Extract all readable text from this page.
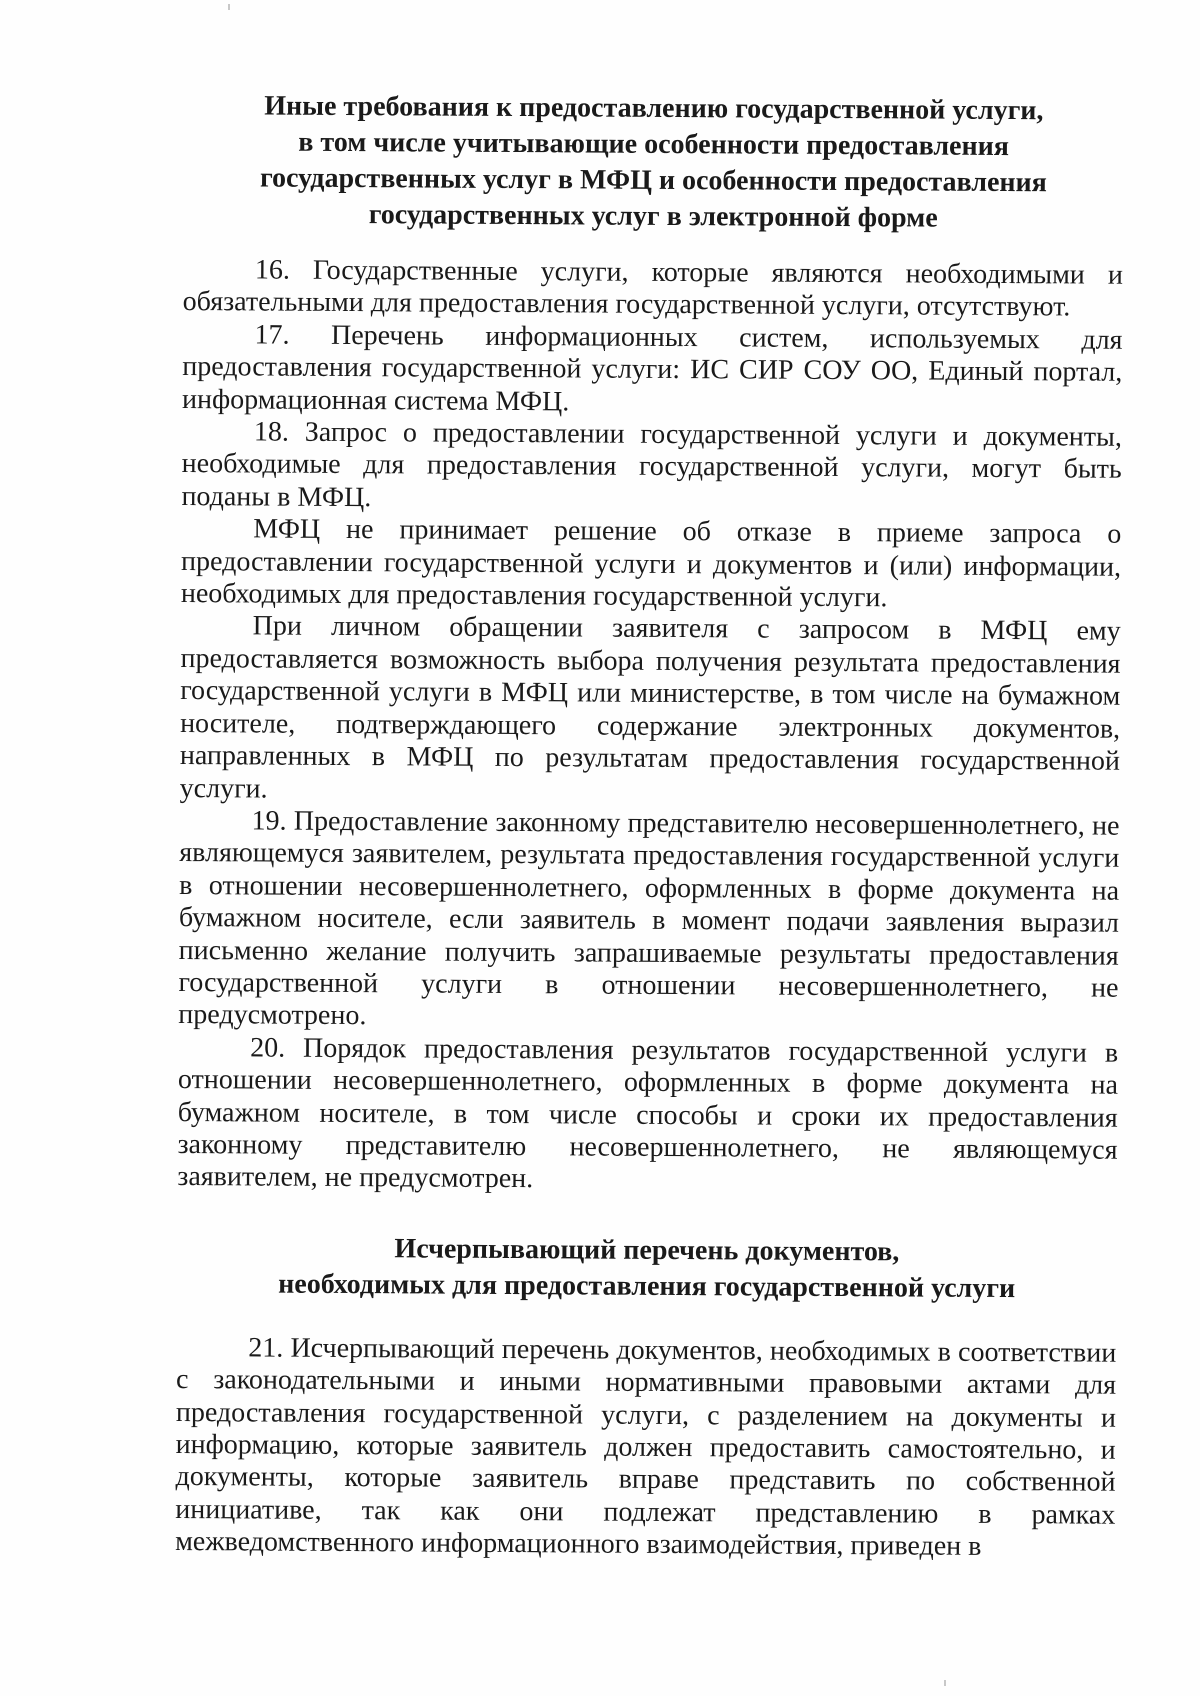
Иные требования к предоставлению государственной услуги,
в том числе учитывающие особенности предоставления
государственных услуг в МФЦ и особенности предоставления
государственных услуг в электронной форме

16. Государственные услуги, которые являются необходимыми и обязательными для предоставления государственной услуги, отсутствуют.

17. Перечень информационных систем, используемых для предоставления государственной услуги: ИС СИР СОУ ОО, Единый портал, информационная система МФЦ.

18. Запрос о предоставлении государственной услуги и документы, необходимые для предоставления государственной услуги, могут быть поданы в МФЦ.

МФЦ не принимает решение об отказе в приеме запроса о предоставлении государственной услуги и документов и (или) информации, необходимых для предоставления государственной услуги.

При личном обращении заявителя с запросом в МФЦ ему предоставляется возможность выбора получения результата предоставления государственной услуги в МФЦ или министерстве, в том числе на бумажном носителе, подтверждающего содержание электронных документов, направленных в МФЦ по результатам предоставления государственной услуги.

19. Предоставление законному представителю несовершеннолетнего, не являющемуся заявителем, результата предоставления государственной услуги в отношении несовершеннолетнего, оформленных в форме документа на бумажном носителе, если заявитель в момент подачи заявления выразил письменно желание получить запрашиваемые результаты предоставления государственной услуги в отношении несовершеннолетнего, не предусмотрено.

20. Порядок предоставления результатов государственной услуги в отношении несовершеннолетнего, оформленных в форме документа на бумажном носителе, в том числе способы и сроки их предоставления законному представителю несовершеннолетнего, не являющемуся заявителем, не предусмотрен.

Исчерпывающий перечень документов,
необходимых для предоставления государственной услуги

21. Исчерпывающий перечень документов, необходимых в соответствии с законодательными и иными нормативными правовыми актами для предоставления государственной услуги, с разделением на документы и информацию, которые заявитель должен предоставить самостоятельно, и документы, которые заявитель вправе представить по собственной инициативе, так как они подлежат представлению в рамках межведомственного информационного взаимодействия, приведен в
